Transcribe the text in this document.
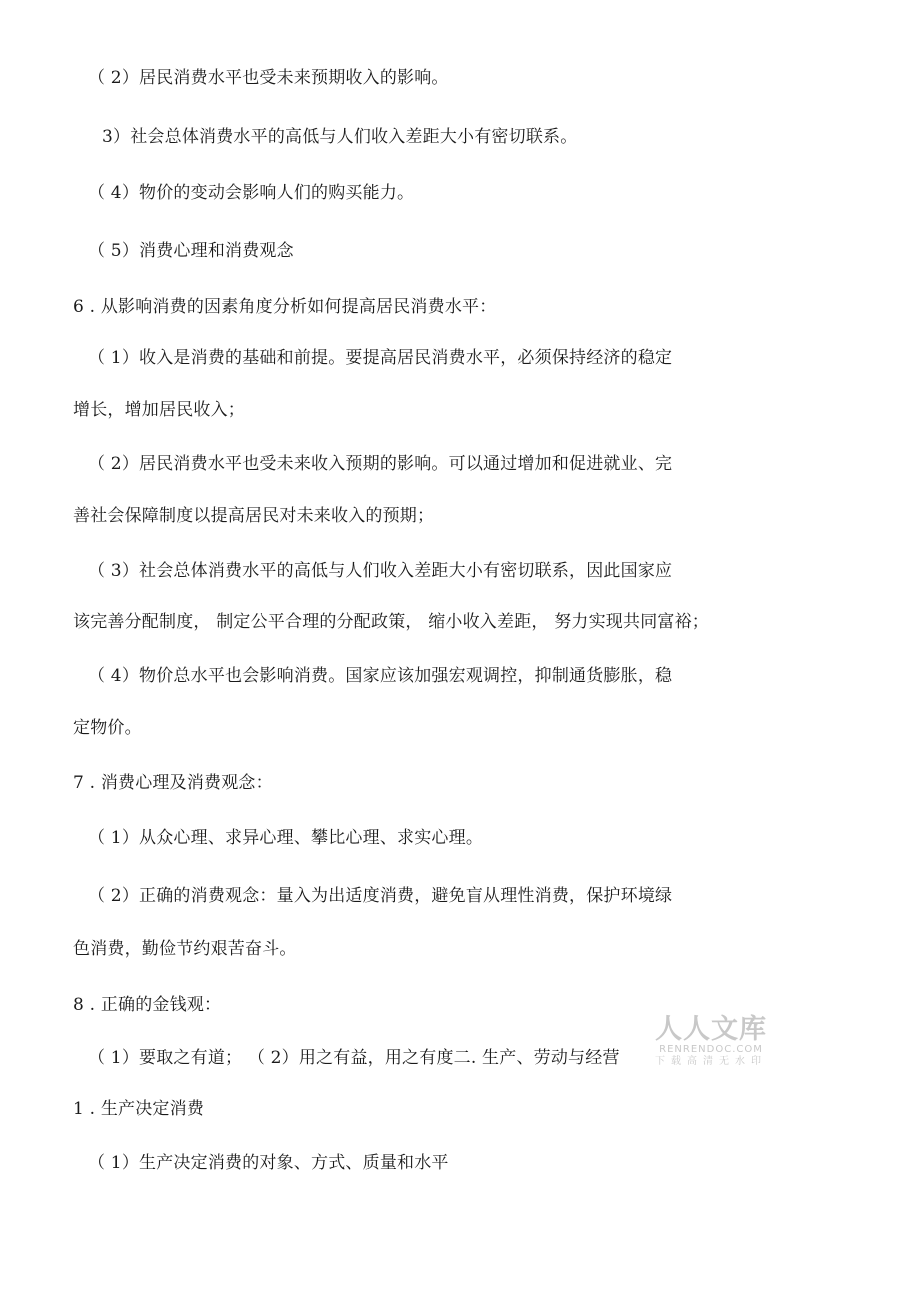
（ 2）居民消费水平也受未来预期收入的影响。
3）社会总体消费水平的高低与人们收入差距大小有密切联系。
（ 4）物价的变动会影响人们的购买能力。
（ 5）消费心理和消费观念
6 . 从影响消费的因素角度分析如何提高居民消费水平：
（ 1）收入是消费的基础和前提。要提高居民消费水平，必须保持经济的稳定
增长，增加居民收入；
（ 2）居民消费水平也受未来收入预期的影响。可以通过增加和促进就业、完
善社会保障制度以提高居民对未来收入的预期；
（ 3）社会总体消费水平的高低与人们收入差距大小有密切联系，因此国家应
该完善分配制度， 制定公平合理的分配政策， 缩小收入差距， 努力实现共同富裕；
（ 4）物价总水平也会影响消费。国家应该加强宏观调控，抑制通货膨胀，稳
定物价。
7 . 消费心理及消费观念：
（ 1）从众心理、求异心理、攀比心理、求实心理。
（ 2）正确的消费观念：量入为出适度消费，避免盲从理性消费，保护环境绿
色消费，勤俭节约艰苦奋斗。
8 . 正确的金钱观：
（ 1）要取之有道； （ 2）用之有益，用之有度二. 生产、劳动与经营
1 . 生产决定消费
（ 1）生产决定消费的对象、方式、质量和水平
人人文库
RENRENDOC.COM
下载高清无水印
